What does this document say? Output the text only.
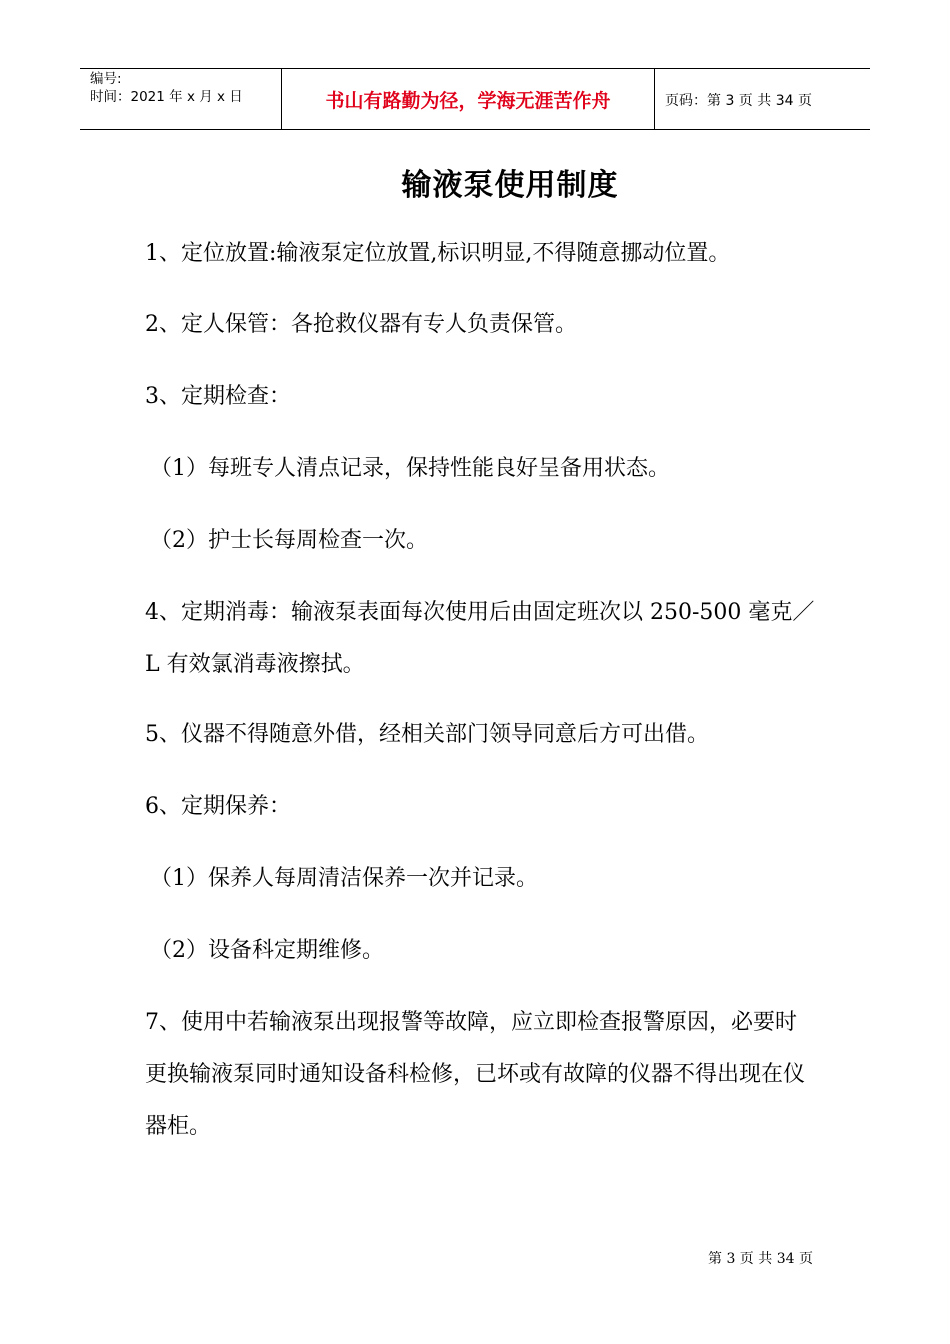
编号:
时间：2021 年 x 月 x 日	书山有路勤为径，学海无涯苦作舟	页码：第 3 页 共 34 页
输液泵使用制度
1、定位放置:输液泵定位放置,标识明显,不得随意挪动位置。
2、定人保管：各抢救仪器有专人负责保管。
3、定期检查：
（1）每班专人清点记录，保持性能良好呈备用状态。
（2）护士长每周检查一次。
4、定期消毒：输液泵表面每次使用后由固定班次以 250-500 毫克／L 有效氯消毒液擦拭。
5、仪器不得随意外借，经相关部门领导同意后方可出借。
6、定期保养：
（1）保养人每周清洁保养一次并记录。
（2）设备科定期维修。
7、使用中若输液泵出现报警等故障，应立即检查报警原因，必要时更换输液泵同时通知设备科检修，已坏或有故障的仪器不得出现在仪器柜。
第 3 页 共 34 页
